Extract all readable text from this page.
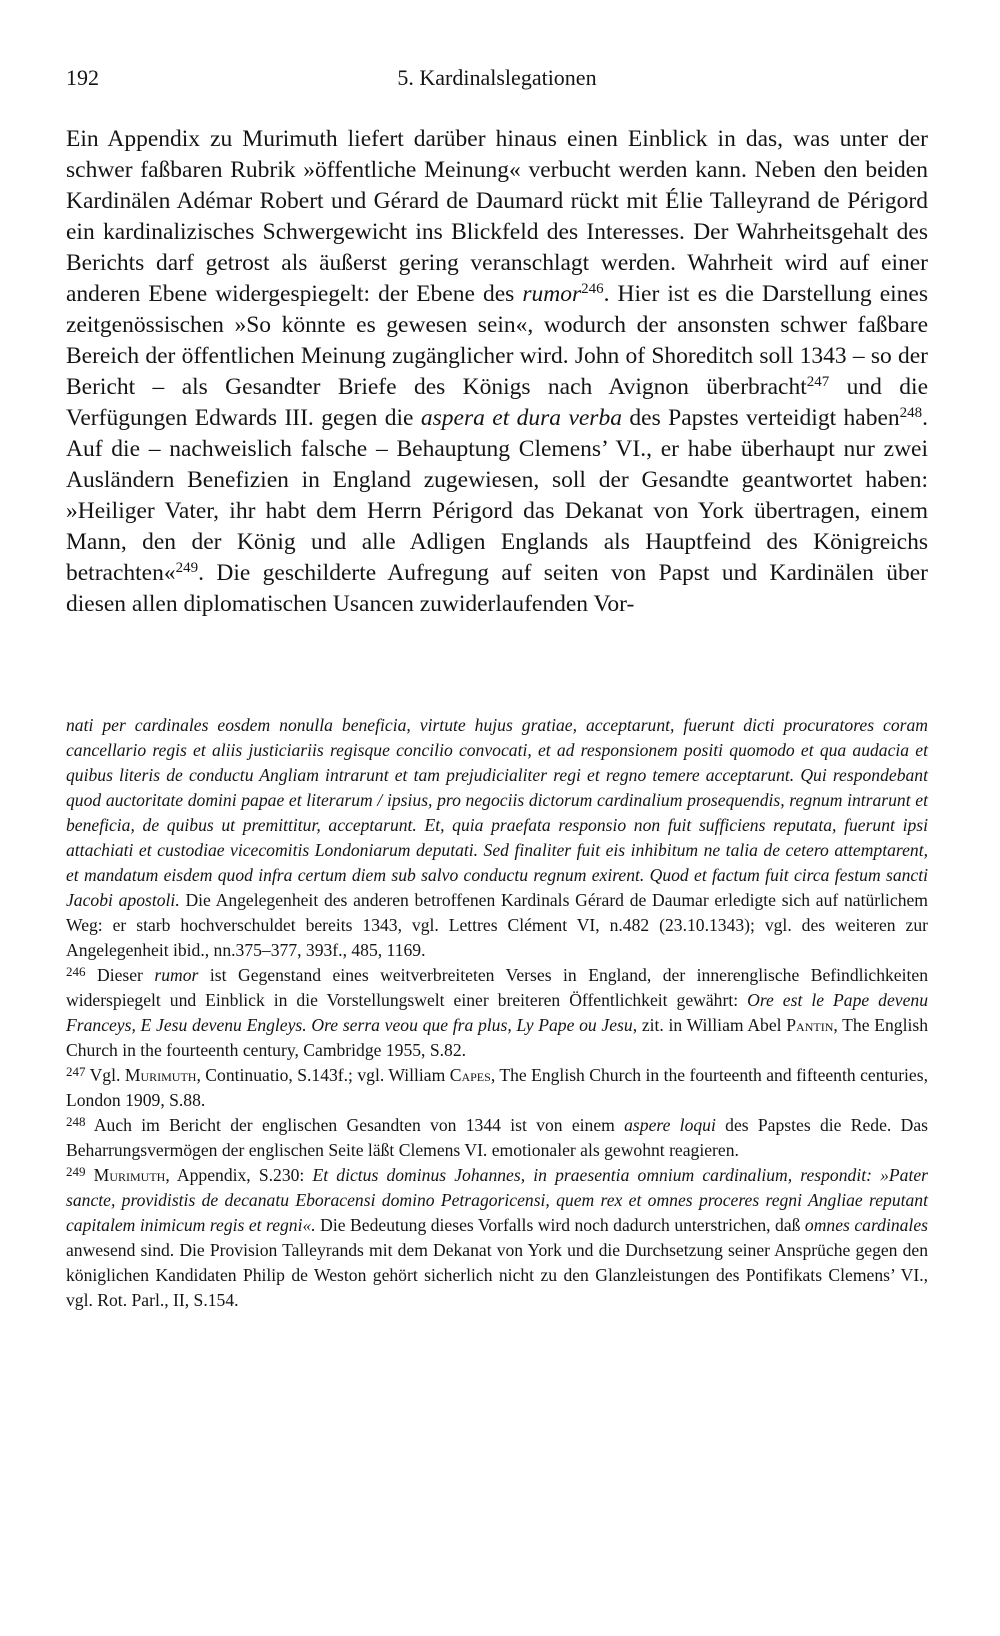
192	5. Kardinalslegationen

Ein Appendix zu Murimuth liefert darüber hinaus einen Einblick in das, was unter der schwer faßbaren Rubrik »öffentliche Meinung« verbucht werden kann. Neben den beiden Kardinälen Adémar Robert und Gérard de Daumard rückt mit Élie Talleyrand de Périgord ein kardinalizisches Schwergewicht ins Blickfeld des Interesses. Der Wahrheitsgehalt des Berichts darf getrost als äußerst gering veranschlagt werden. Wahrheit wird auf einer anderen Ebene widergespiegelt: der Ebene des rumor$^{246}$. Hier ist es die Darstellung eines zeitgenössischen »So könnte es gewesen sein«, wodurch der ansonsten schwer faßbare Bereich der öffentlichen Meinung zugänglicher wird. John of Shoreditch soll 1343 – so der Bericht – als Gesandter Briefe des Königs nach Avignon überbracht$^{247}$ und die Verfügungen Edwards III. gegen die aspera et dura verba des Papstes verteidigt haben$^{248}$. Auf die – nachweislich falsche – Behauptung Clemens’ VI., er habe überhaupt nur zwei Ausländern Benefizien in England zugewiesen, soll der Gesandte geantwortet haben: »Heiliger Vater, ihr habt dem Herrn Périgord das Dekanat von York übertragen, einem Mann, den der König und alle Adligen Englands als Hauptfeind des Königreichs betrachten«$^{249}$. Die geschilderte Aufregung auf seiten von Papst und Kardinälen über diesen allen diplomatischen Usancen zuwiderlaufenden Vor-

nati per cardinales eosdem nonulla beneficia, virtute hujus gratiae, acceptarunt, fuerunt dicti procuratores coram cancellario regis et aliis justiciariis regisque concilio convocati, et ad responsionem positi quomodo et qua audacia et quibus literis de conductu Angliam intrarunt et tam prejudicialiter regi et regno temere acceptarunt. Qui respondebant quod auctoritate domini papae et literarum / ipsius, pro negociis dictorum cardinalium prosequendis, regnum intrarunt et beneficia, de quibus ut premittitur, acceptarunt. Et, quia praefata responsio non fuit sufficiens reputata, fuerunt ipsi attachiati et custodiae vicecomitis Londoniarum deputati. Sed finaliter fuit eis inhibitum ne talia de cetero attemptarent, et mandatum eisdem quod infra certum diem sub salvo conductu regnum exirent. Quod et factum fuit circa festum sancti Jacobi apostoli. Die Angelegenheit des anderen betroffenen Kardinals Gérard de Daumar erledigte sich auf natürlichem Weg: er starb hochverschuldet bereits 1343, vgl. Lettres Clément VI, n.482 (23.10.1343); vgl. des weiteren zur Angelegenheit ibid., nn.375–377, 393f., 485, 1169.

$^{246}$ Dieser rumor ist Gegenstand eines weitverbreiteten Verses in England, der innerenglische Befindlichkeiten widerspiegelt und Einblick in die Vorstellungswelt einer breiteren Öffentlichkeit gewährt: Ore est le Pape devenu Franceys, E Jesu devenu Engleys. Ore serra veou que fra plus, Ly Pape ou Jesu, zit. in William Abel Pantin, The English Church in the fourteenth century, Cambridge 1955, S.82.

$^{247}$ Vgl. Murimuth, Continuatio, S.143f.; vgl. William Capes, The English Church in the fourteenth and fifteenth centuries, London 1909, S.88.

$^{248}$ Auch im Bericht der englischen Gesandten von 1344 ist von einem aspere loqui des Papstes die Rede. Das Beharrungsvermögen der englischen Seite läßt Clemens VI. emotionaler als gewohnt reagieren.

$^{249}$ Murimuth, Appendix, S.230: Et dictus dominus Johannes, in praesentia omnium cardinalium, respondit: »Pater sancte, providistis de decanatu Eboracensi domino Petragoricensi, quem rex et omnes proceres regni Angliae reputant capitalem inimicum regis et regni«. Die Bedeutung dieses Vorfalls wird noch dadurch unterstrichen, daß omnes cardinales anwesend sind. Die Provision Talleyrands mit dem Dekanat von York und die Durchsetzung seiner Ansprüche gegen den königlichen Kandidaten Philip de Weston gehört sicherlich nicht zu den Glanzleistungen des Pontifikats Clemens’ VI., vgl. Rot. Parl., II, S.154.
